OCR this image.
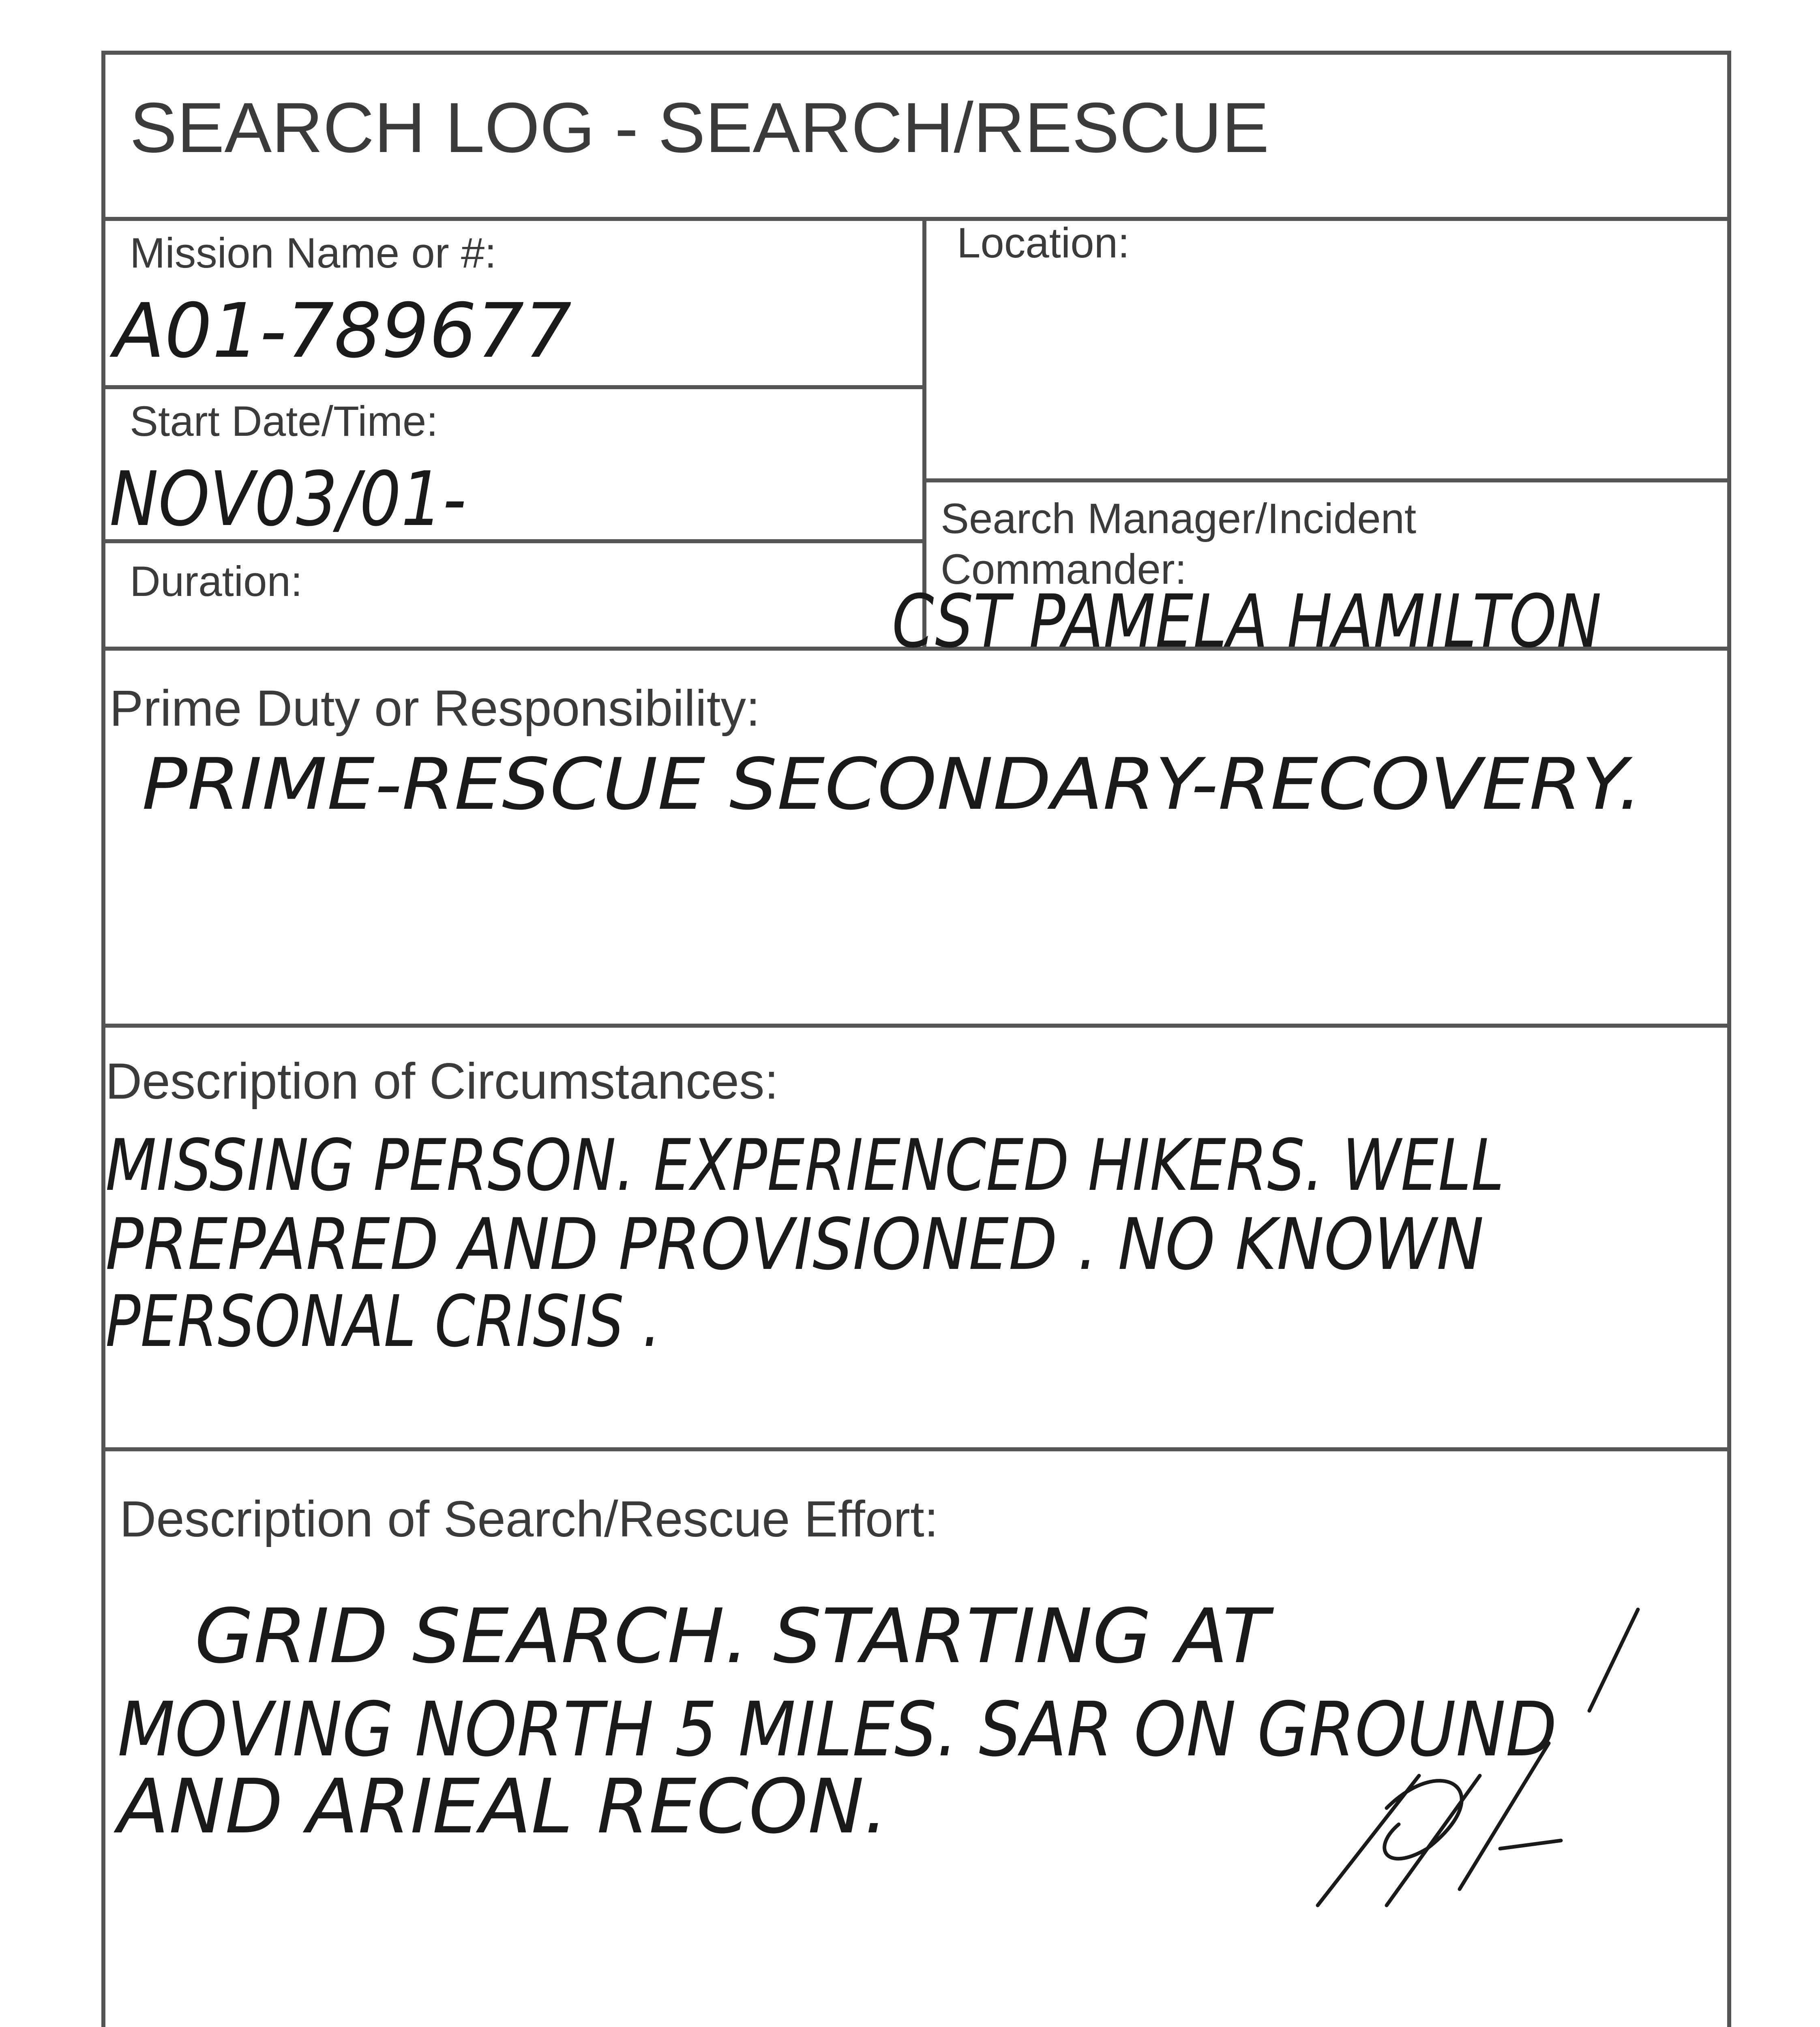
SEARCH LOG - SEARCH/RESCUE
Mission Name or #:
A01-789677
Location:
Start Date/Time:
NOV03/01-	Search Manager/Incident
Commander:
CST PAMELA HAMILTON
Duration:
Prime Duty or Responsibility:
PRIME-RESCUE SECONDARY-RECOVERY.
Description of Circumstances:
MISSING PERSON. EXPERIENCED HIKERS. WELL
PREPARED AND PROVISIONED . NO KNOWN
PERSONAL CRISIS .
Description of Search/Rescue Effort:
GRID SEARCH. STARTING AT
MOVING NORTH 5 MILES. SAR ON GROUND
AND ARIEAL RECON.
